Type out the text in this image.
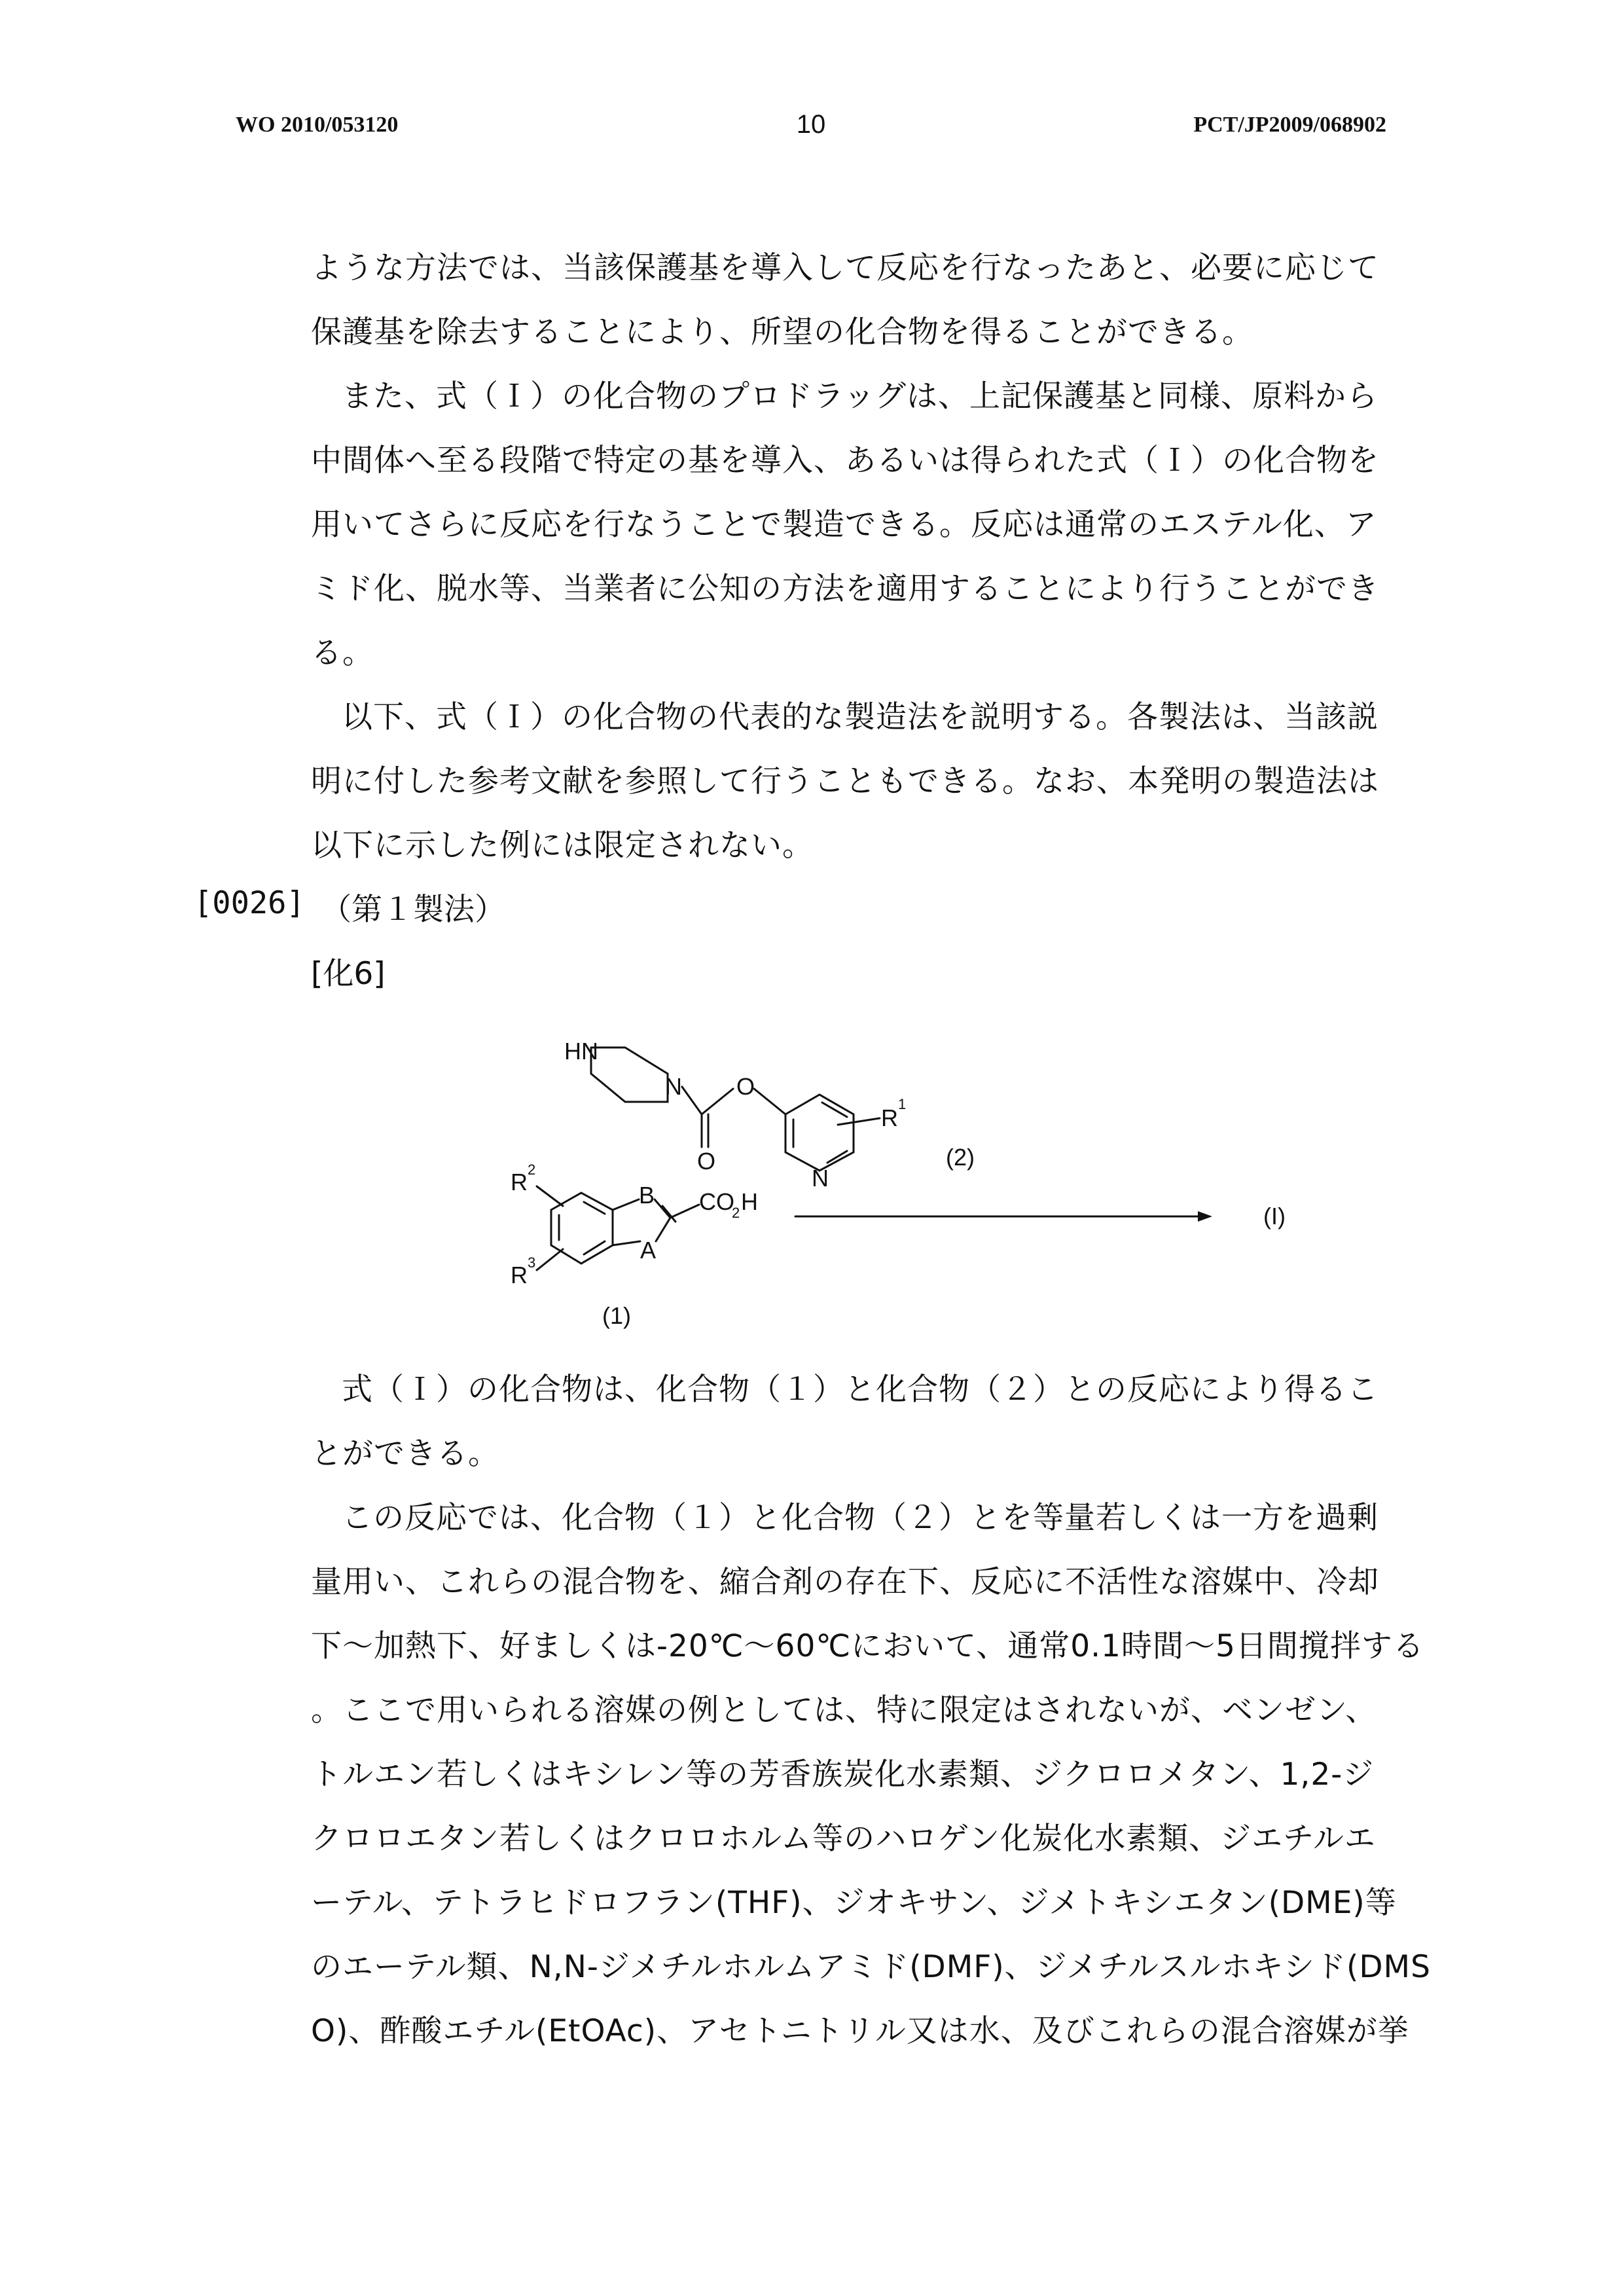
WO 2010/053120	10	PCT/JP2009/068902
ような方法では、当該保護基を導入して反応を行なったあと、必要に応じて
保護基を除去することにより、所望の化合物を得ることができる。
また、式（Ｉ）の化合物のプロドラッグは、上記保護基と同様、原料から
中間体へ至る段階で特定の基を導入、あるいは得られた式（Ｉ）の化合物を
用いてさらに反応を行なうことで製造できる。反応は通常のエステル化、ア
ミド化、脱水等、当業者に公知の方法を適用することにより行うことができ
る。
以下、式（Ｉ）の化合物の代表的な製造法を説明する。各製法は、当該説
明に付した参考文献を参照して行うこともできる。なお、本発明の製造法は
以下に示した例には限定されない。
[0026] （第１製法）
[化6]
HN
N O
O
N
R
1
(2)
R 2
R 3
B
A
CO
2 H
(1)
(I)
式（Ｉ）の化合物は、化合物（１）と化合物（２）との反応により得るこ
とができる。
この反応では、化合物（１）と化合物（２）とを等量若しくは一方を過剰
量用い、これらの混合物を、縮合剤の存在下、反応に不活性な溶媒中、冷却
下〜加熱下、好ましくは-20℃〜60℃において、通常0.1時間〜5日間撹拌する
。ここで用いられる溶媒の例としては、特に限定はされないが、ベンゼン、
トルエン若しくはキシレン等の芳香族炭化水素類、ジクロロメタン、1,2-ジ
クロロエタン若しくはクロロホルム等のハロゲン化炭化水素類、ジエチルエ
ーテル、テトラヒドロフラン(THF)、ジオキサン、ジメトキシエタン(DME)等
のエーテル類、N,N-ジメチルホルムアミド(DMF)、ジメチルスルホキシド(DMS
O)、酢酸エチル(EtOAc)、アセトニトリル又は水、及びこれらの混合溶媒が挙
